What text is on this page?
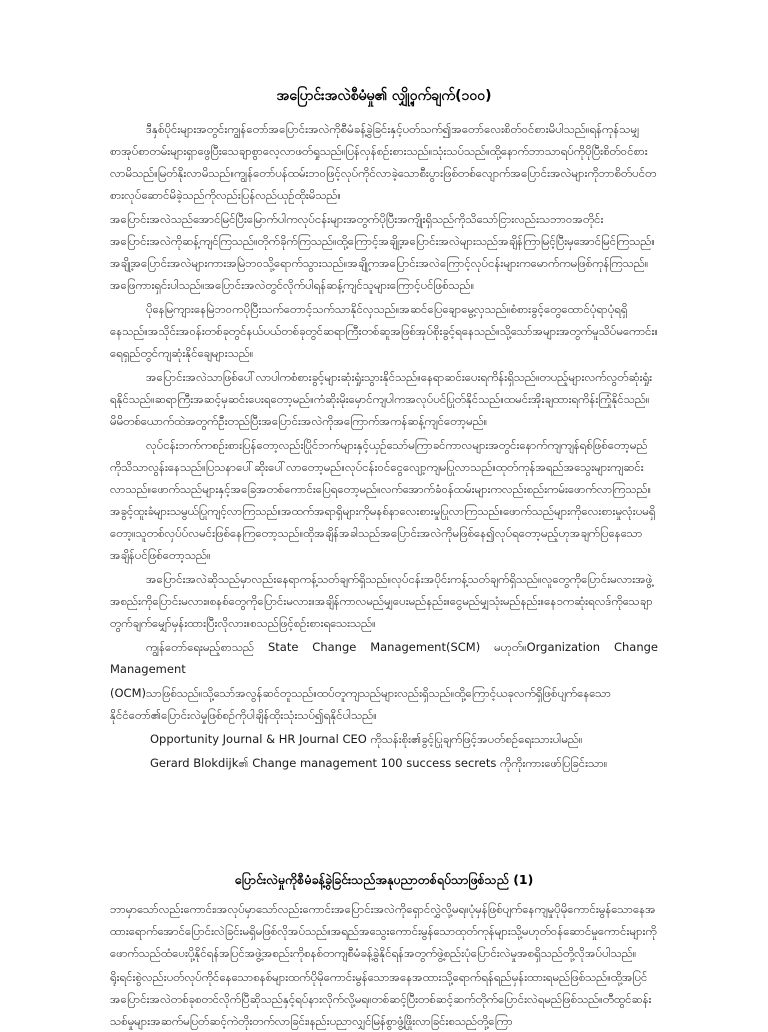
အပြောင်းအလဲစီမံမှု၏ လျှို့ဝှက်ချက်(၁၀၀)

ဒီနှစ်ပိုင်းများအတွင်းကျွန်တော်အပြောင်းအလဲကိုစီမံခန့်ခွဲခြင်းနှင့်ပတ်သက်၍အတော်လေးစိတ်ဝင်စားမိပါသည်။ရန်ကုန်သမျှစာအုပ်စာတမ်းများရှာဖွေပြီးသေချာစွာလေ့လာဖတ်ရှုသည်။ပြန်လှန်စဉ်းစားသည်။သုံးသပ်သည်။ထို့နောက်ဘာသာရပ်ကိုပိုပြီးစိတ်ဝင်စားလာမိသည်။မြတ်နိုးလာမိသည်။ကျွန်တော်ပန်ထမ်းဘဝဖြင့်လုပ်ကိုင်လာခဲ့သောစီးပွားဖြစ်တစ်လျောက်အပြောင်းအလဲများကိုဘာစိတ်ပင်တစားလုပ်ဆောင်မိခဲ့သည်ကိုလည်းပြန်လည်ယုဉ်ထိုးမိသည်။

အပြောင်းအလဲသည်အောင်မြင်ပြီးမြောက်ပါကလုပ်ငန်းများအတွက်ပိုပြီးအကျိုးရှိသည်ကိုသိသော်ငြားလည်းသဘာဝအတိုင်းအပြောင်းအလဲကိုဆန့်ကျင်ကြသည်။တိုက်ခိုက်ကြသည်။ထို့ကြောင့်အချို့အပြောင်းအလဲများသည်အချိန်ကြာမြင့်ပြီးမှအောင်မြင်ကြသည်။အချို့အပြောင်းအလဲများကားအမြဲဘဝသို့ရောက်သွားသည်။အချို့ကအပြောင်းအလဲကြောင့်လုပ်ငန်းများကမောက်ကမဖြစ်ကုန်ကြသည်။အဖြေကားရှင်းပါသည်။အပြောင်းအလဲတွင်လိုက်ပါရန်ဆန့်ကျင်သူများကြောင့်ပင်ဖြစ်သည်။

ပိုနေမြကျားနေမြဲဘဝကပိုပြီးသက်တောင့်သက်သာနိုင်လှသည်။အဆင်ပြေချောမွေ့လှသည်။စံစားခွင့်တွေထောင်ပုံရာပုံရရှိနေသည်။အသိုင်းအဝန်းတစ်ခုတွင်နယ်ပယ်တစ်ခုတွင်ဆရာကြီးတစ်ဆူအဖြစ်အုပ်စိုးခွင့်ရနေသည်။သို့သော်အများအတွက်မူသိပ်မကောင်း။ရေရှည်တွင်ကျဆုံးနိုင်ချေများသည်။

အပြောင်းအလဲသာဖြစ်ပေါ်လာပါကစံစားခွင့်များဆုံးရှုံးသွားနိုင်သည်။နေရာဆင်းပေးရကိန်းရှိသည်။တပည့်များလက်လွတ်ဆုံးရှုံးရနိုင်သည်။ဆရာကြီးအဆင့်မှဆင်းပေးရတော့မည်။ကံဆိုးမိုးမှောင်ကျပါကအလုပ်ပင်ပြုတ်နိုင်သည်။ထမင်းအိုးချထားရကိန်းကြုံနိုင်သည်။မိမိတစ်ယောက်ထဲအတွက်ဦးတည်ပြီးအပြောင်းအလဲကိုအကြောက်အကန်ဆန့်ကျင်တော့မည်။

လုပ်ငန်းဘက်ကစဉ်းစားပြန်တော့လည်းပြိုင်ဘက်များနှင့်ယှဉ်သော်မကြာခင်ကာလများအတွင်းနောက်ကျကျန်ရစ်ဖြစ်တော့မည်ကိုသိသာလွန်းနေသည်။ပြသနာပေါ်ဆိုးပေါ်လာတော့မည်။လုပ်ငန်းဝင်ငွေလျော့ကျမပြုလာသည်။ထုတ်ကုန်အရည်အသွေးများကျဆင်းလာသည်။ဖောက်သည်များနှင့်အခြေအတစ်ကောင်းပြေရတော့မည်။လက်အောက်ခံဝန်ထမ်းများကလည်းစည်းကမ်းဖောက်လာကြသည်။အခွင့်ထူးခံများသမွယ်ပြုကျင့်လာကြသည်။အထက်အရာရှိများကိုမနစ်နာလေးစားမှုပြုလာကြသည်။ဖောက်သည်များကိုလေးစားမှုလုံးပမရှိတော့။သူတစ်လှပ်ပ်လမင်းဖြစ်နေကြတော့သည်။ထိုအချိန်အခါသည်အပြောင်းအလဲကိုမဖြစ်နေ၍လုပ်ရတော့မည့်ဟုအချက်ပြနေသောအချိန်ပင်ဖြစ်တော့သည်။

အပြောင်းအလဲဆိုသည်မှာလည်းနေရာကန့်သတ်ချက်ရှိသည်။လုပ်ငန်းအပိုင်းကန့်သတ်ချက်ရှိသည်။လူတွေကိုပြောင်းမလားအဖွဲ့အစည်းကိုပြောင်းမလား။စနစ်တွေကိုပြောင်းမလား။အချိန်ကာလမည်မျှပေးမည်နည်း။ငွေမည်မျှသုံးမည်နည်း။နေ၁ကဆုံးရလဒ်ကိုသေချာတွက်ချက်မျှော်မှန်းထားပြီးလိုလား။စသည်ဖြင့်စဉ်းစားရသေးသည်။

ကျွန်တော်ရေးမည့်စာသည် State Change Management(SCM) မဟုတ်။Organization Change Management

(OCM)သာဖြစ်သည်။သို့သော်အလွန်ဆင်တူသည်။ထပ်တူကျသည်များလည်းရှိသည်။ထို့ကြောင့်ယခုလက်ရှိဖြစ်ပျက်နေသောနိုင်ငံတော်၏ပြောင်းလဲမှုဖြစ်စဉ်ကိုပါချိန်ထိုးသုံးသပ်၍ရနိုင်ပါသည်။

Opportunity Journal & HR Journal CEO ကိုသန်းစိုး၏ခွင့်ပြုချက်ဖြင့်အပတ်စဉ်ရေးသားပါမည်။

Gerard Blokdijk၏ Change management 100 success secrets ကိုကိုးကားဖော်ပြခြင်းသာ။

ပြောင်းလဲမှုကိုစီမံခန့်ခွဲခြင်းသည်အနုပညာတစ်ရပ်သာဖြစ်သည် (1)

ဘာမှာသော်လည်းကောင်း၊အလုပ်မှာသော်လည်းကောင်းအပြောင်းအလဲကိုရှောင်လွှဲလို့မရ။ပုံမှန်ဖြစ်ပျက်နေကျမှုပိုမိုကောင်းမွန်သောနေအထားရောက်အောင်ပြောင်းလဲခြင်းမရှိမဖြစ်လိုအပ်သည်။အရည်အသွေးကောင်းမွန်သောထုတ်ကုန်များသို့မဟုတ်ဝန်ဆောင်မှုကောင်းများကိုဖောက်သည်ထံပေးပို့နိုင်ရန်အပြင်အဖွဲ့အစည်းကိုစနစ်တကျစီမံခန့်ခွဲနိုင်ရန်အတွက်ဖွဲ့စည်းပုံပြောင်းလဲမှုအစရှိသည်တို့လိုအပ်ပါသည်။

ရိုးရင်းစွဲလည်းပတ်လုပ်ကိုင်နေသောစနစ်များထက်ပိုမိုကောင်းမွန်သောအနေအထားသို့ရောက်ရန်ရည်မှန်းထားရမည်ဖြစ်သည်။ထို့အပြင်အပြောင်းအလဲတစ်ခုစတင်လိုက်ပြီဆိုသည်နှင့်ရပ်နားလိုက်လို့မရ။တစ်ဆင့်ပြီးတစ်ဆင့်ဆက်တိုက်ပြောင်းလဲရမည်ဖြစ်သည်။တီထွင်ဆန်းသစ်မှုများအဆက်မပြတ်ဆင့်ကဲတိုးတက်လာခြင်း၊နည်းပညာလျှင်မြန်စွာဖွံ့ဖြိုးလာခြင်းစသည်တို့ကြော
